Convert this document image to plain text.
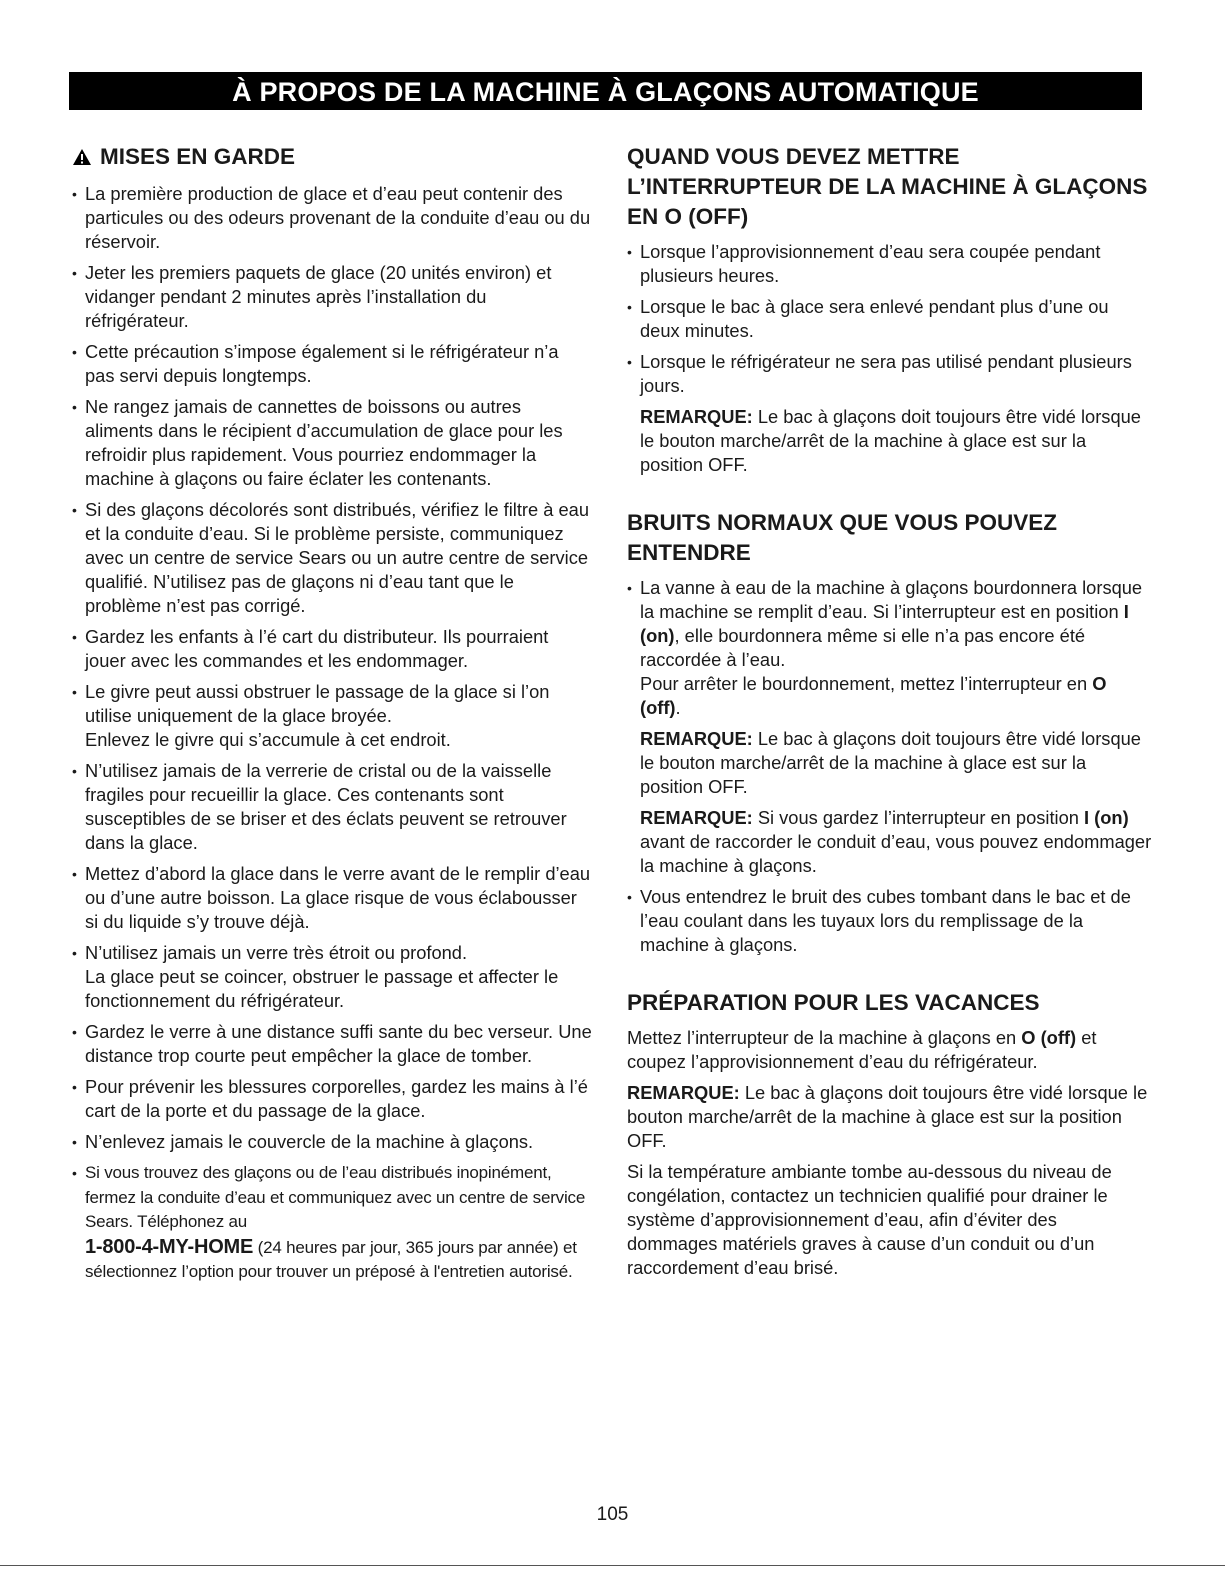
À PROPOS DE LA MACHINE À GLAÇONS AUTOMATIQUE
MISES EN GARDE
• La première production de glace et d’eau peut contenir des particules ou des odeurs provenant de la conduite d’eau ou du réservoir.
• Jeter les premiers paquets de glace (20 unités environ) et vidanger pendant 2 minutes après l’installation du réfrigérateur.
• Cette précaution s’impose également si le réfrigérateur n’a pas servi depuis longtemps.
• Ne rangez jamais de cannettes de boissons ou autres aliments dans le récipient d’accumulation de glace pour les refroidir plus rapidement. Vous pourriez endommager la machine à glaçons ou faire éclater les contenants.
• Si des glaçons décolorés sont distribués, vérifiez le filtre à eau et la conduite d’eau. Si le problème persiste, communiquez avec un centre de service Sears ou un autre centre de service qualifié. N’utilisez pas de glaçons ni d’eau tant que le problème n’est pas corrigé.
• Gardez les enfants à l’é cart du distributeur. Ils pourraient jouer avec les commandes et les endommager.
• Le givre peut aussi obstruer le passage de la glace si l’on utilise uniquement de la glace broyée.
Enlevez le givre qui s’accumule à cet endroit.
• N’utilisez jamais de la verrerie de cristal ou de la vaisselle fragiles pour recueillir la glace. Ces contenants sont susceptibles de se briser et des éclats peuvent se retrouver dans la glace.
• Mettez d’abord la glace dans le verre avant de le remplir d’eau ou d’une autre boisson. La glace risque de vous éclabousser si du liquide s’y trouve déjà.
• N’utilisez jamais un verre très étroit ou profond.
La glace peut se coincer, obstruer le passage et affecter le fonctionnement du réfrigérateur.
• Gardez le verre à une distance suffi sante du bec verseur. Une distance trop courte peut empêcher la glace de tomber.
• Pour prévenir les blessures corporelles, gardez les mains à l’é cart de la porte et du passage de la glace.
• N’enlevez jamais le couvercle de la machine à glaçons.
• Si vous trouvez des glaçons ou de l’eau distribués inopinément, fermez la conduite d’eau et communiquez avec un centre de service Sears. Téléphonez au
1-800-4-MY-HOME (24 heures par jour, 365 jours par année) et sélectionnez l’option pour trouver un préposé à l'entretien autorisé.
QUAND VOUS DEVEZ METTRE L’INTERRUPTEUR DE LA MACHINE À GLAÇONS EN O (OFF)
• Lorsque l’approvisionnement d’eau sera coupée pendant plusieurs heures.
• Lorsque le bac à glace sera enlevé pendant plus d’une ou deux minutes.
• Lorsque le réfrigérateur ne sera pas utilisé pendant plusieurs jours.
REMARQUE: Le bac à glaçons doit toujours être vidé lorsque le bouton marche/arrêt de la machine à glace est sur la position OFF.
BRUITS NORMAUX QUE VOUS POUVEZ ENTENDRE
• La vanne à eau de la machine à glaçons bourdonnera lorsque la machine se remplit d’eau. Si l’interrupteur est en position I (on), elle bourdonnera même si elle n’a pas encore été raccordée à l’eau.
Pour arrêter le bourdonnement, mettez l’interrupteur en O (off).
REMARQUE: Le bac à glaçons doit toujours être vidé lorsque le bouton marche/arrêt de la machine à glace est sur la position OFF.
REMARQUE: Si vous gardez l’interrupteur en position I (on) avant de raccorder le conduit d’eau, vous pouvez endommager la machine à glaçons.
• Vous entendrez le bruit des cubes tombant dans le bac et de l’eau coulant dans les tuyaux lors du remplissage de la machine à glaçons.
PRÉPARATION POUR LES VACANCES

Mettez l’interrupteur de la machine à glaçons en O (off) et coupez l’approvisionnement d’eau du réfrigérateur.

REMARQUE: Le bac à glaçons doit toujours être vidé lorsque le bouton marche/arrêt de la machine à glace est sur la position OFF.

Si la température ambiante tombe au-dessous du niveau de congélation, contactez un technicien qualifié pour drainer le système d’approvisionnement d’eau, afin d’éviter des dommages matériels graves à cause d’un conduit ou d’un raccordement d’eau brisé.

105
